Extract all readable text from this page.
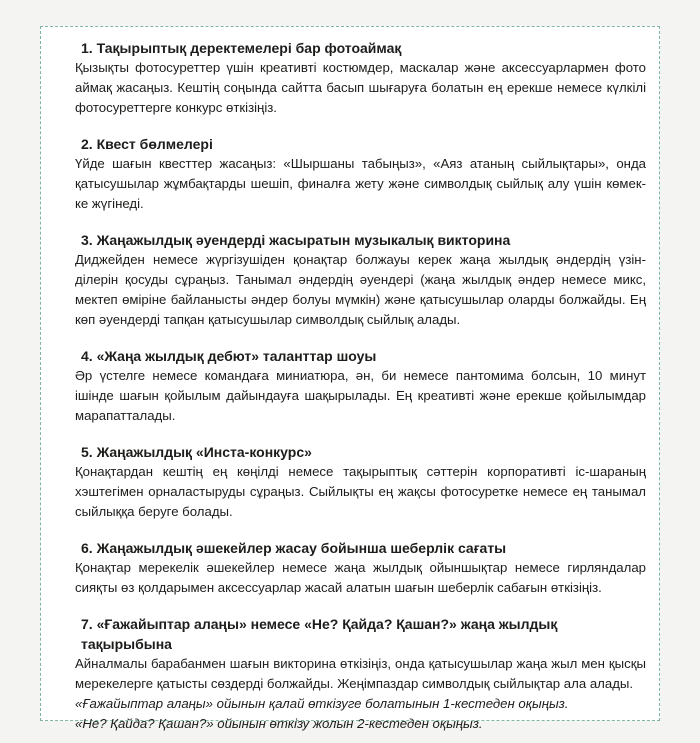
1. Тақырыптық деректемелері бар фотоаймақ

Қызықты фотосуреттер үшін креативті костюмдер, маскалар және аксессуарлармен фото аймақ жасаңыз. Кештің соңында сайтта басып шығаруға болатын ең ерекше немесе күлкілі фотосуреттерге конкурс өткізіңіз.

2. Квест бөлмелері

Үйде шағын квесттер жасаңыз: «Шыршаны табыңыз», «Аяз атаның сыйлықтары», онда қатысушылар жұмбақтарды шешіп, финалға жету және символдық сыйлық алу үшін көмек-ке жүгінеді.

3. Жаңажылдық әуендерді жасыратын музыкалық викторина

Диджейден немесе жүргізушіден қонақтар болжауы керек жаңа жылдық әндердің үзін-ділерін қосуды сұраңыз. Танымал әндердің әуендері (жаңа жылдық әндер немесе микс, мектеп өміріне байланысты әндер болуы мүмкін) және қатысушылар оларды болжайды. Ең көп әуендерді тапқан қатысушылар символдық сыйлық алады.

4. «Жаңа жылдық дебют» таланттар шоуы

Әр үстелге немесе командаға миниатюра, ән, би немесе пантомима болсын, 10 минут ішінде шағын қойылым дайындауға шақырылады. Ең креативті және ерекше қойылымдар марапатталады.

5. Жаңажылдық «Инста-конкурс»

Қонақтардан кештің ең көңілді немесе тақырыптық сәттерін корпоративті іс-шараның хэштегімен орналастыруды сұраңыз. Сыйлықты ең жақсы фотосуретке немесе ең танымал сыйлыққа беруге болады.

6. Жаңажылдық әшекейлер жасау бойынша шеберлік сағаты

Қонақтар мерекелік әшекейлер немесе жаңа жылдық ойыншықтар немесе гирляндалар сияқты өз қолдарымен аксессуарлар жасай алатын шағын шеберлік сабағын өткізіңіз.

7. «Ғажайыптар алаңы» немесе «Не? Қайда? Қашан?» жаңа жылдық тақырыбына

Айналмалы барабанмен шағын викторина өткізіңіз, онда қатысушылар жаңа жыл мен қысқы мерекелерге қатысты сөздерді болжайды. Жеңімпаздар символдық сыйлықтар ала алады.

«Ғажайыптар алаңы» ойынын қалай өткізуге болатынын 1-кестеден оқыңыз.

«Не? Қайда? Қашан?» ойынын өткізу жолын 2-кестеден оқыңыз.
